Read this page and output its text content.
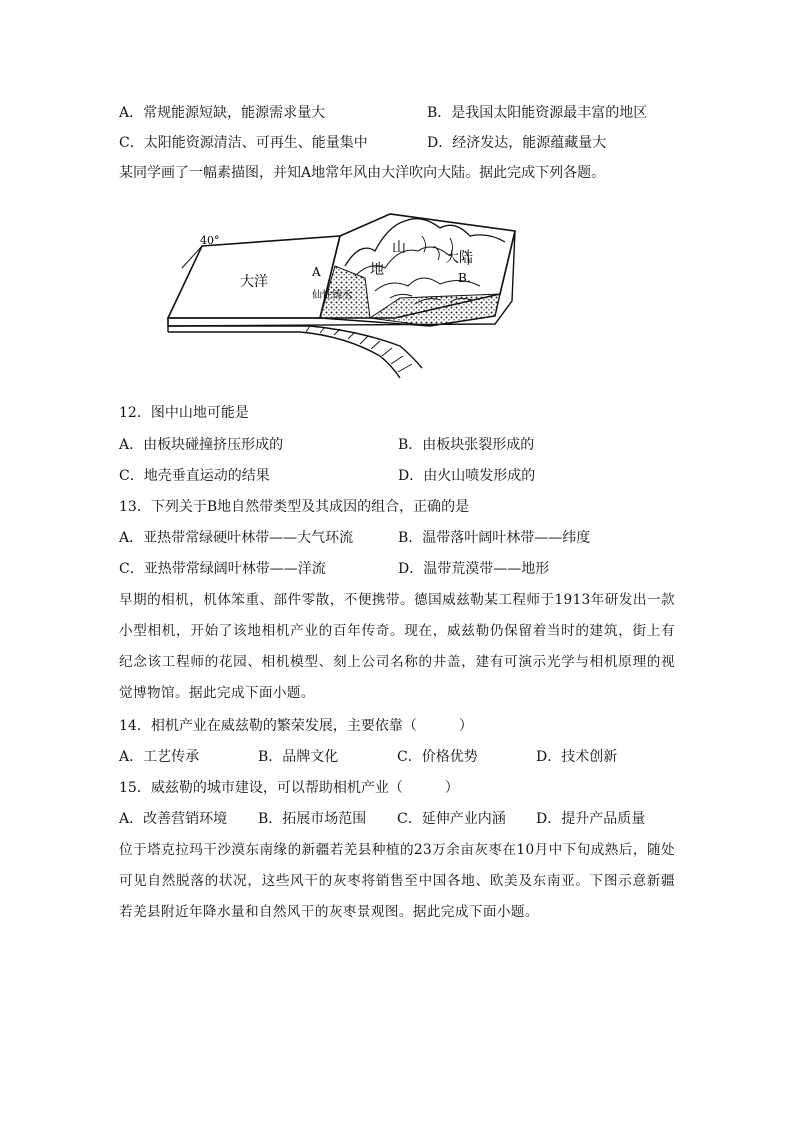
A．常规能源短缺，能源需求量大	B．是我国太阳能资源最丰富的地区
C．太阳能资源清洁、可再生、能量集中	D．经济发达，能源蕴藏量大
某同学画了一幅素描图，并知A地常年风由大洋吹向大陆。据此完成下列各题。
40°
大洋
A
山
地
大陆
B.
仙性铸丞
12．图中山地可能是
A．由板块碰撞挤压形成的	B．由板块张裂形成的
C．地壳垂直运动的结果	D．由火山喷发形成的
13．下列关于B地自然带类型及其成因的组合，正确的是
A．亚热带常绿硬叶林带——大气环流	B．温带落叶阔叶林带——纬度
C．亚热带常绿阔叶林带——洋流	D．温带荒漠带——地形
早期的相机，机体笨重、部件零散，不便携带。德国威兹勒某工程师于1913年研发出一款小型相机，开始了该地相机产业的百年传奇。现在，威兹勒仍保留着当时的建筑，街上有纪念该工程师的花园、相机模型、刻上公司名称的井盖，建有可演示光学与相机原理的视觉博物馆。据此完成下面小题。
14．相机产业在威兹勒的繁荣发展，主要依靠（　　　）
A．工艺传承	B．品牌文化	C．价格优势	D．技术创新
15．威兹勒的城市建设，可以帮助相机产业（　　　）
A．改善营销环境 B．拓展市场范围 C．延伸产业内涵 D．提升产品质量
位于塔克拉玛干沙漠东南缘的新疆若羌县种植的23万余亩灰枣在10月中下旬成熟后，随处可见自然脱落的状况，这些风干的灰枣将销售至中国各地、欧美及东南亚。下图示意新疆若羌县附近年降水量和自然风干的灰枣景观图。据此完成下面小题。
